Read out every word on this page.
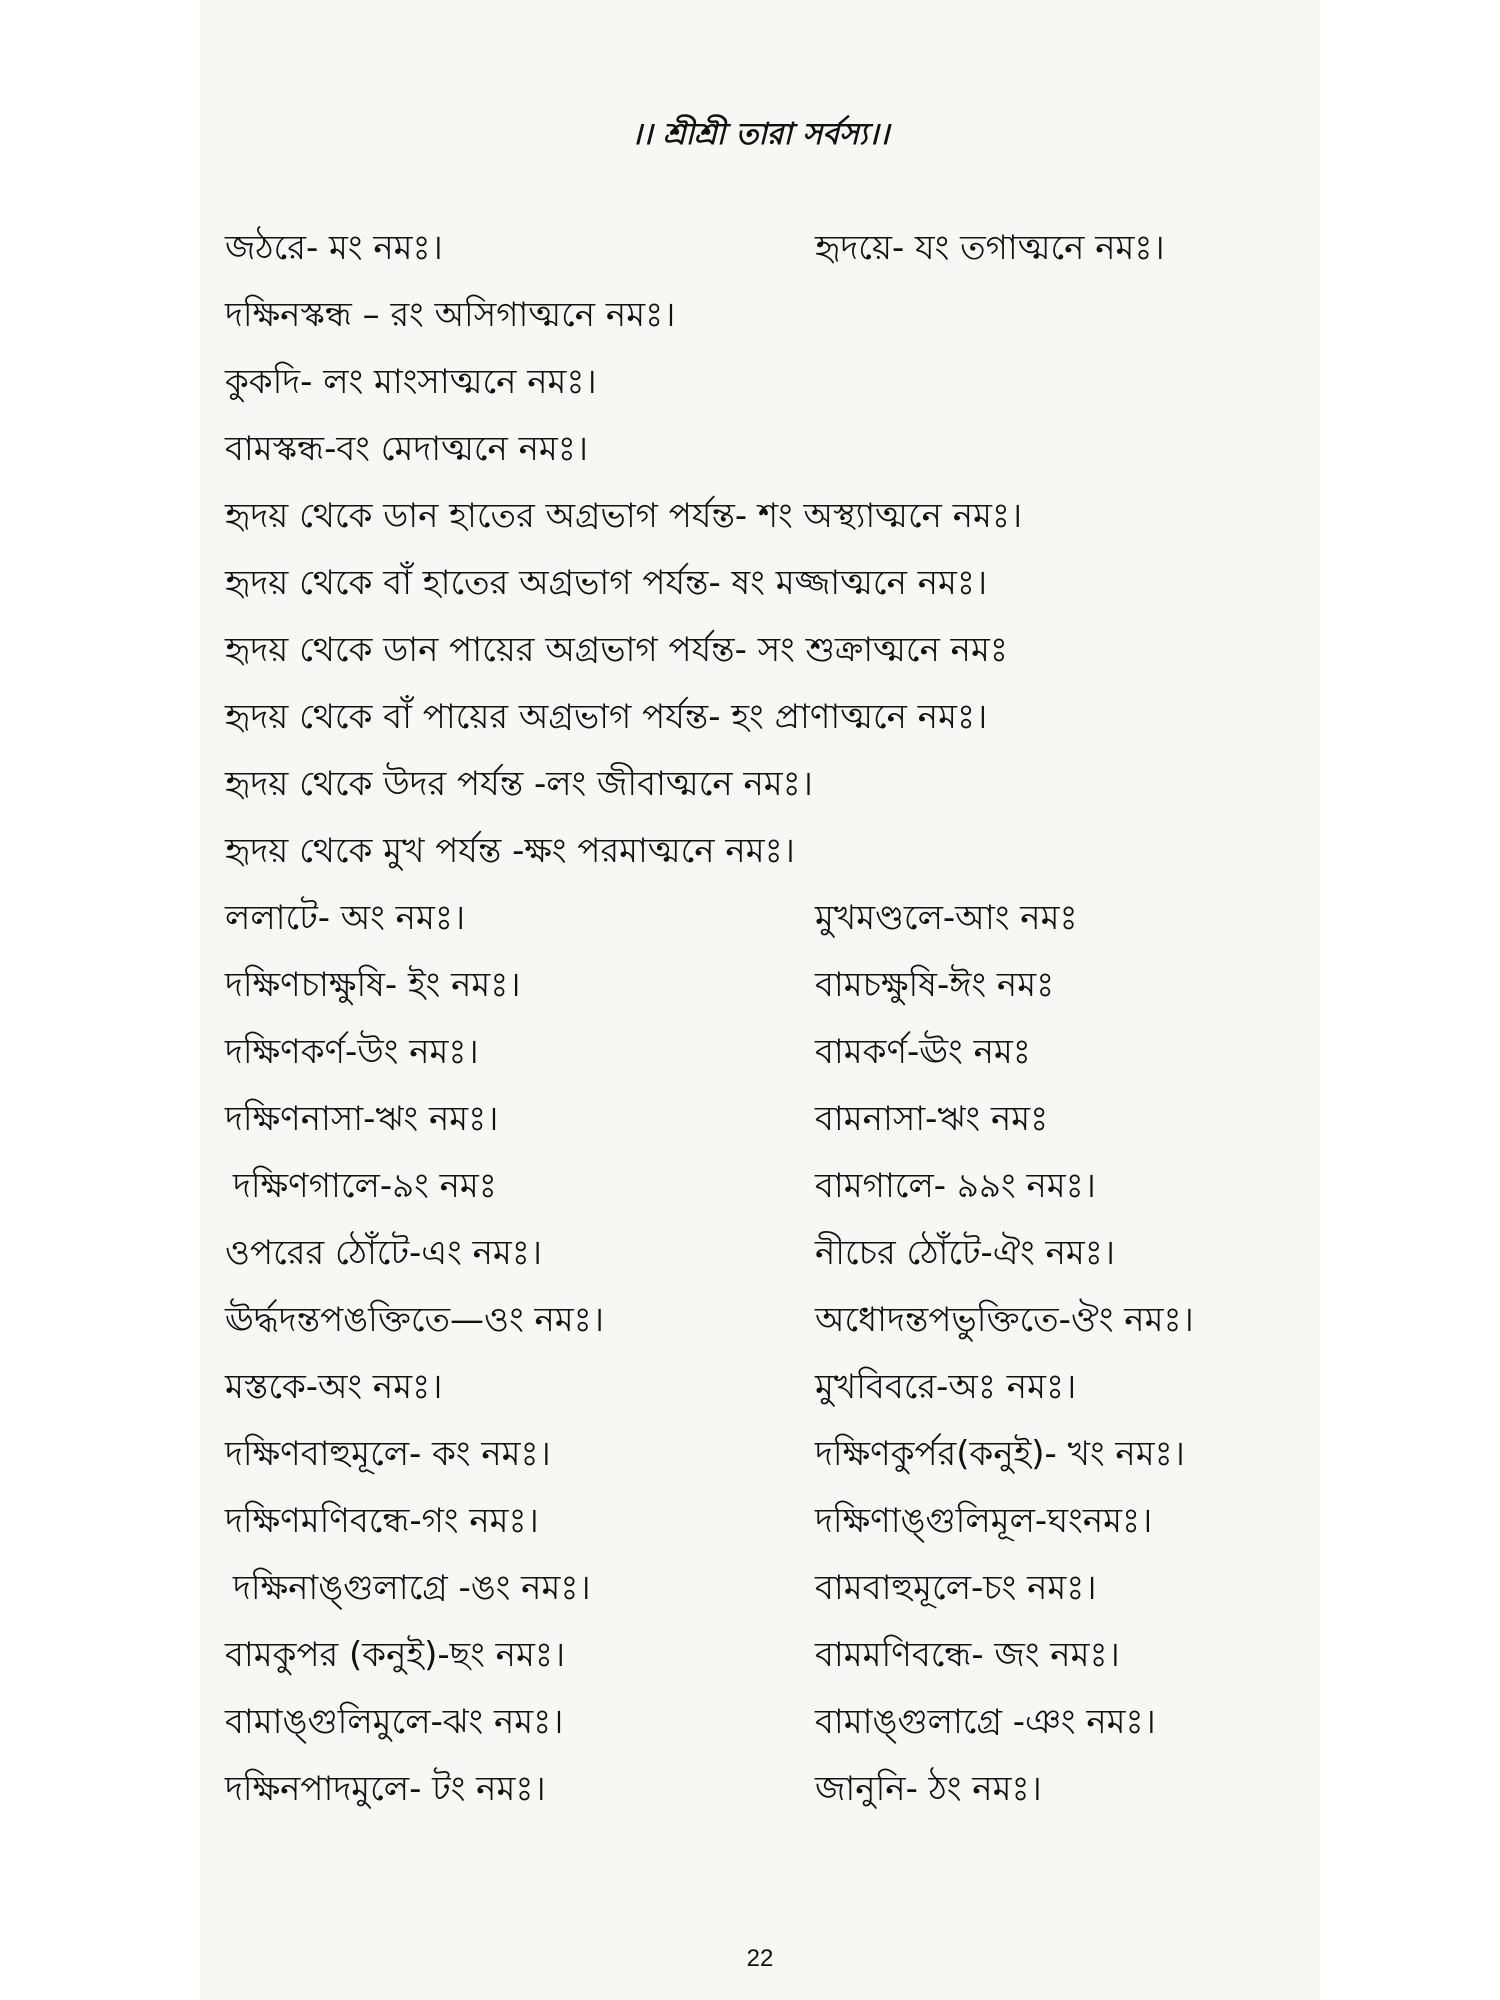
।। শ্রীশ্রী তারা সর্বস্য।।
জঠরে- মং নমঃ।	হৃদয়ে- যং তগাত্মনে নমঃ।
দক্ষিনস্কন্ধ – রং অসিগাত্মনে নমঃ।
কুকদি- লং মাংসাত্মনে নমঃ।
বামস্কন্ধ-বং মেদাত্মনে নমঃ।
হৃদয় থেকে ডান হাতের অগ্রভাগ পর্যন্ত- শং অস্থ্যাত্মনে নমঃ।
হৃদয় থেকে বাঁ হাতের অগ্রভাগ পর্যন্ত- ষং মজ্জাত্মনে নমঃ।
হৃদয় থেকে ডান পায়ের অগ্রভাগ পর্যন্ত- সং শুক্রাত্মনে নমঃ
হৃদয় থেকে বাঁ পায়ের অগ্রভাগ পর্যন্ত- হং প্রাণাত্মনে নমঃ।
হৃদয় থেকে উদর পর্যন্ত -লং জীবাত্মনে নমঃ।
হৃদয় থেকে মুখ পর্যন্ত -ক্ষং পরমাত্মনে নমঃ।
ললাটে- অং নমঃ।	মুখমণ্ডলে-আং নমঃ
দক্ষিণচাক্ষুষি- ইং নমঃ।	বামচক্ষুষি-ঈং নমঃ
দক্ষিণকর্ণ-উং নমঃ।	বামকর্ণ-ঊং নমঃ
দক্ষিণনাসা-ঋং নমঃ।	বামনাসা-ঋং নমঃ
দক্ষিণগালে-৯ং নমঃ	বামগালে- ৯৯ং নমঃ।
ওপরের ঠোঁটে-এং নমঃ।	নীচের ঠোঁটে-ঐং নমঃ।
ঊর্দ্ধদন্তপঙক্তিতে—ওং নমঃ।	অধোদন্তপভুক্তিতে-ঔং নমঃ।
মস্তকে-অং নমঃ।	মুখবিবরে-অঃ নমঃ।
দক্ষিণবাহুমূলে- কং নমঃ।	দক্ষিণকুর্পর(কনুই)- খং নমঃ।
দক্ষিণমণিবন্ধে-গং নমঃ।	দক্ষিণাঙ্গুলিমূল-ঘংনমঃ।
দক্ষিনাঙ্গুলাগ্রে -ঙং নমঃ।	বামবাহুমূলে-চং নমঃ।
বামকুপর (কনুই)-ছং নমঃ।	বামমণিবন্ধে- জং নমঃ।
বামাঙ্গুলিমুলে-ঝং নমঃ।	বামাঙ্গুলাগ্রে -ঞং নমঃ।
দক্ষিনপাদমুলে- টং নমঃ।	জানুনি- ঠং নমঃ।
22
